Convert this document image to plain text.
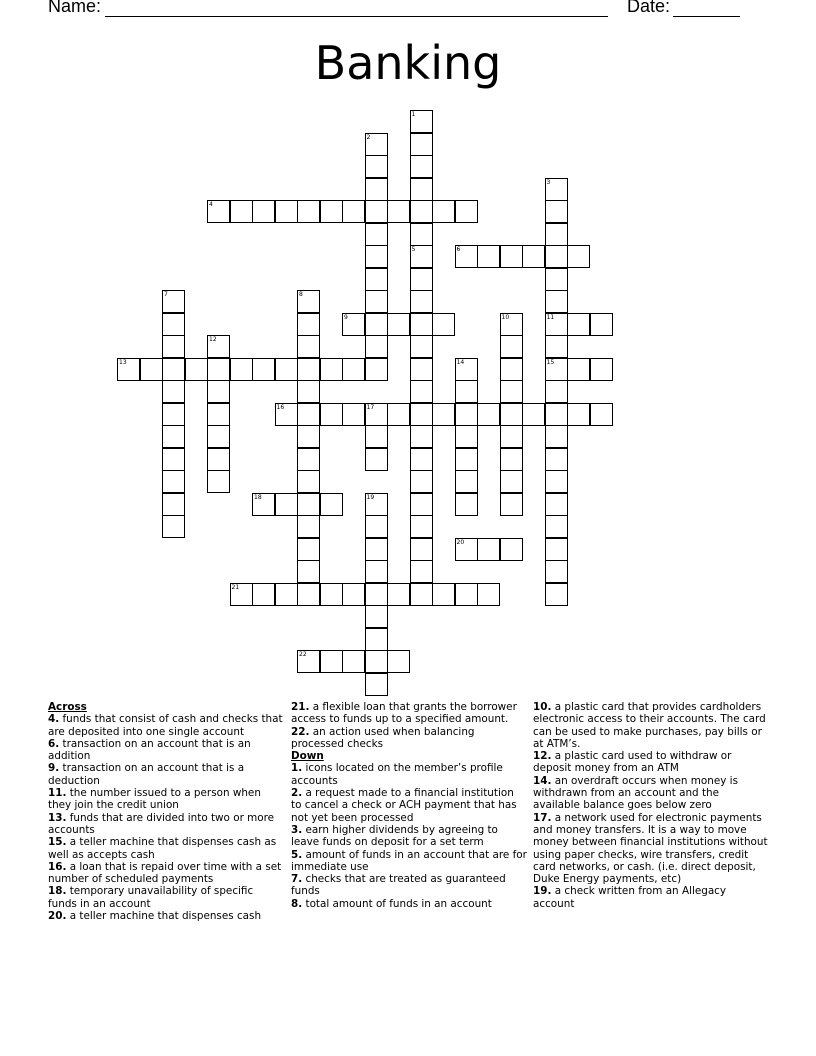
Name:	Date:
Banking
1
5
2
3
11
15
4
6
7	8
9	10
12
13	14
16	17
18	19
20
21
22

Across

4. funds that consist of cash and checks that are deposited into one single account

6. transaction on an account that is an addition

9. transaction on an account that is a deduction

11. the number issued to a person when they join the credit union

13. funds that are divided into two or more accounts

15. a teller machine that dispenses cash as well as accepts cash

16. a loan that is repaid over time with a set number of scheduled payments

18. temporary unavailability of specific funds in an account

20. a teller machine that dispenses cash

21. a flexible loan that grants the borrower access to funds up to a specified amount.

22. an action used when balancing processed checks

Down

1. icons located on the member’s profile accounts

2. a request made to a financial institution to cancel a check or ACH payment that has not yet been processed

3. earn higher dividends by agreeing to leave funds on deposit for a set term

5. amount of funds in an account that are for immediate use

7. checks that are treated as guaranteed funds

8. total amount of funds in an account

10. a plastic card that provides cardholders electronic access to their accounts. The card can be used to make purchases, pay bills or at ATM’s.

12. a plastic card used to withdraw or deposit money from an ATM

14. an overdraft occurs when money is withdrawn from an account and the available balance goes below zero

17. a network used for electronic payments and money transfers. It is a way to move money between financial institutions without using paper checks, wire transfers, credit card networks, or cash. (i.e. direct deposit, Duke Energy payments, etc)

19. a check written from an Allegacy account
